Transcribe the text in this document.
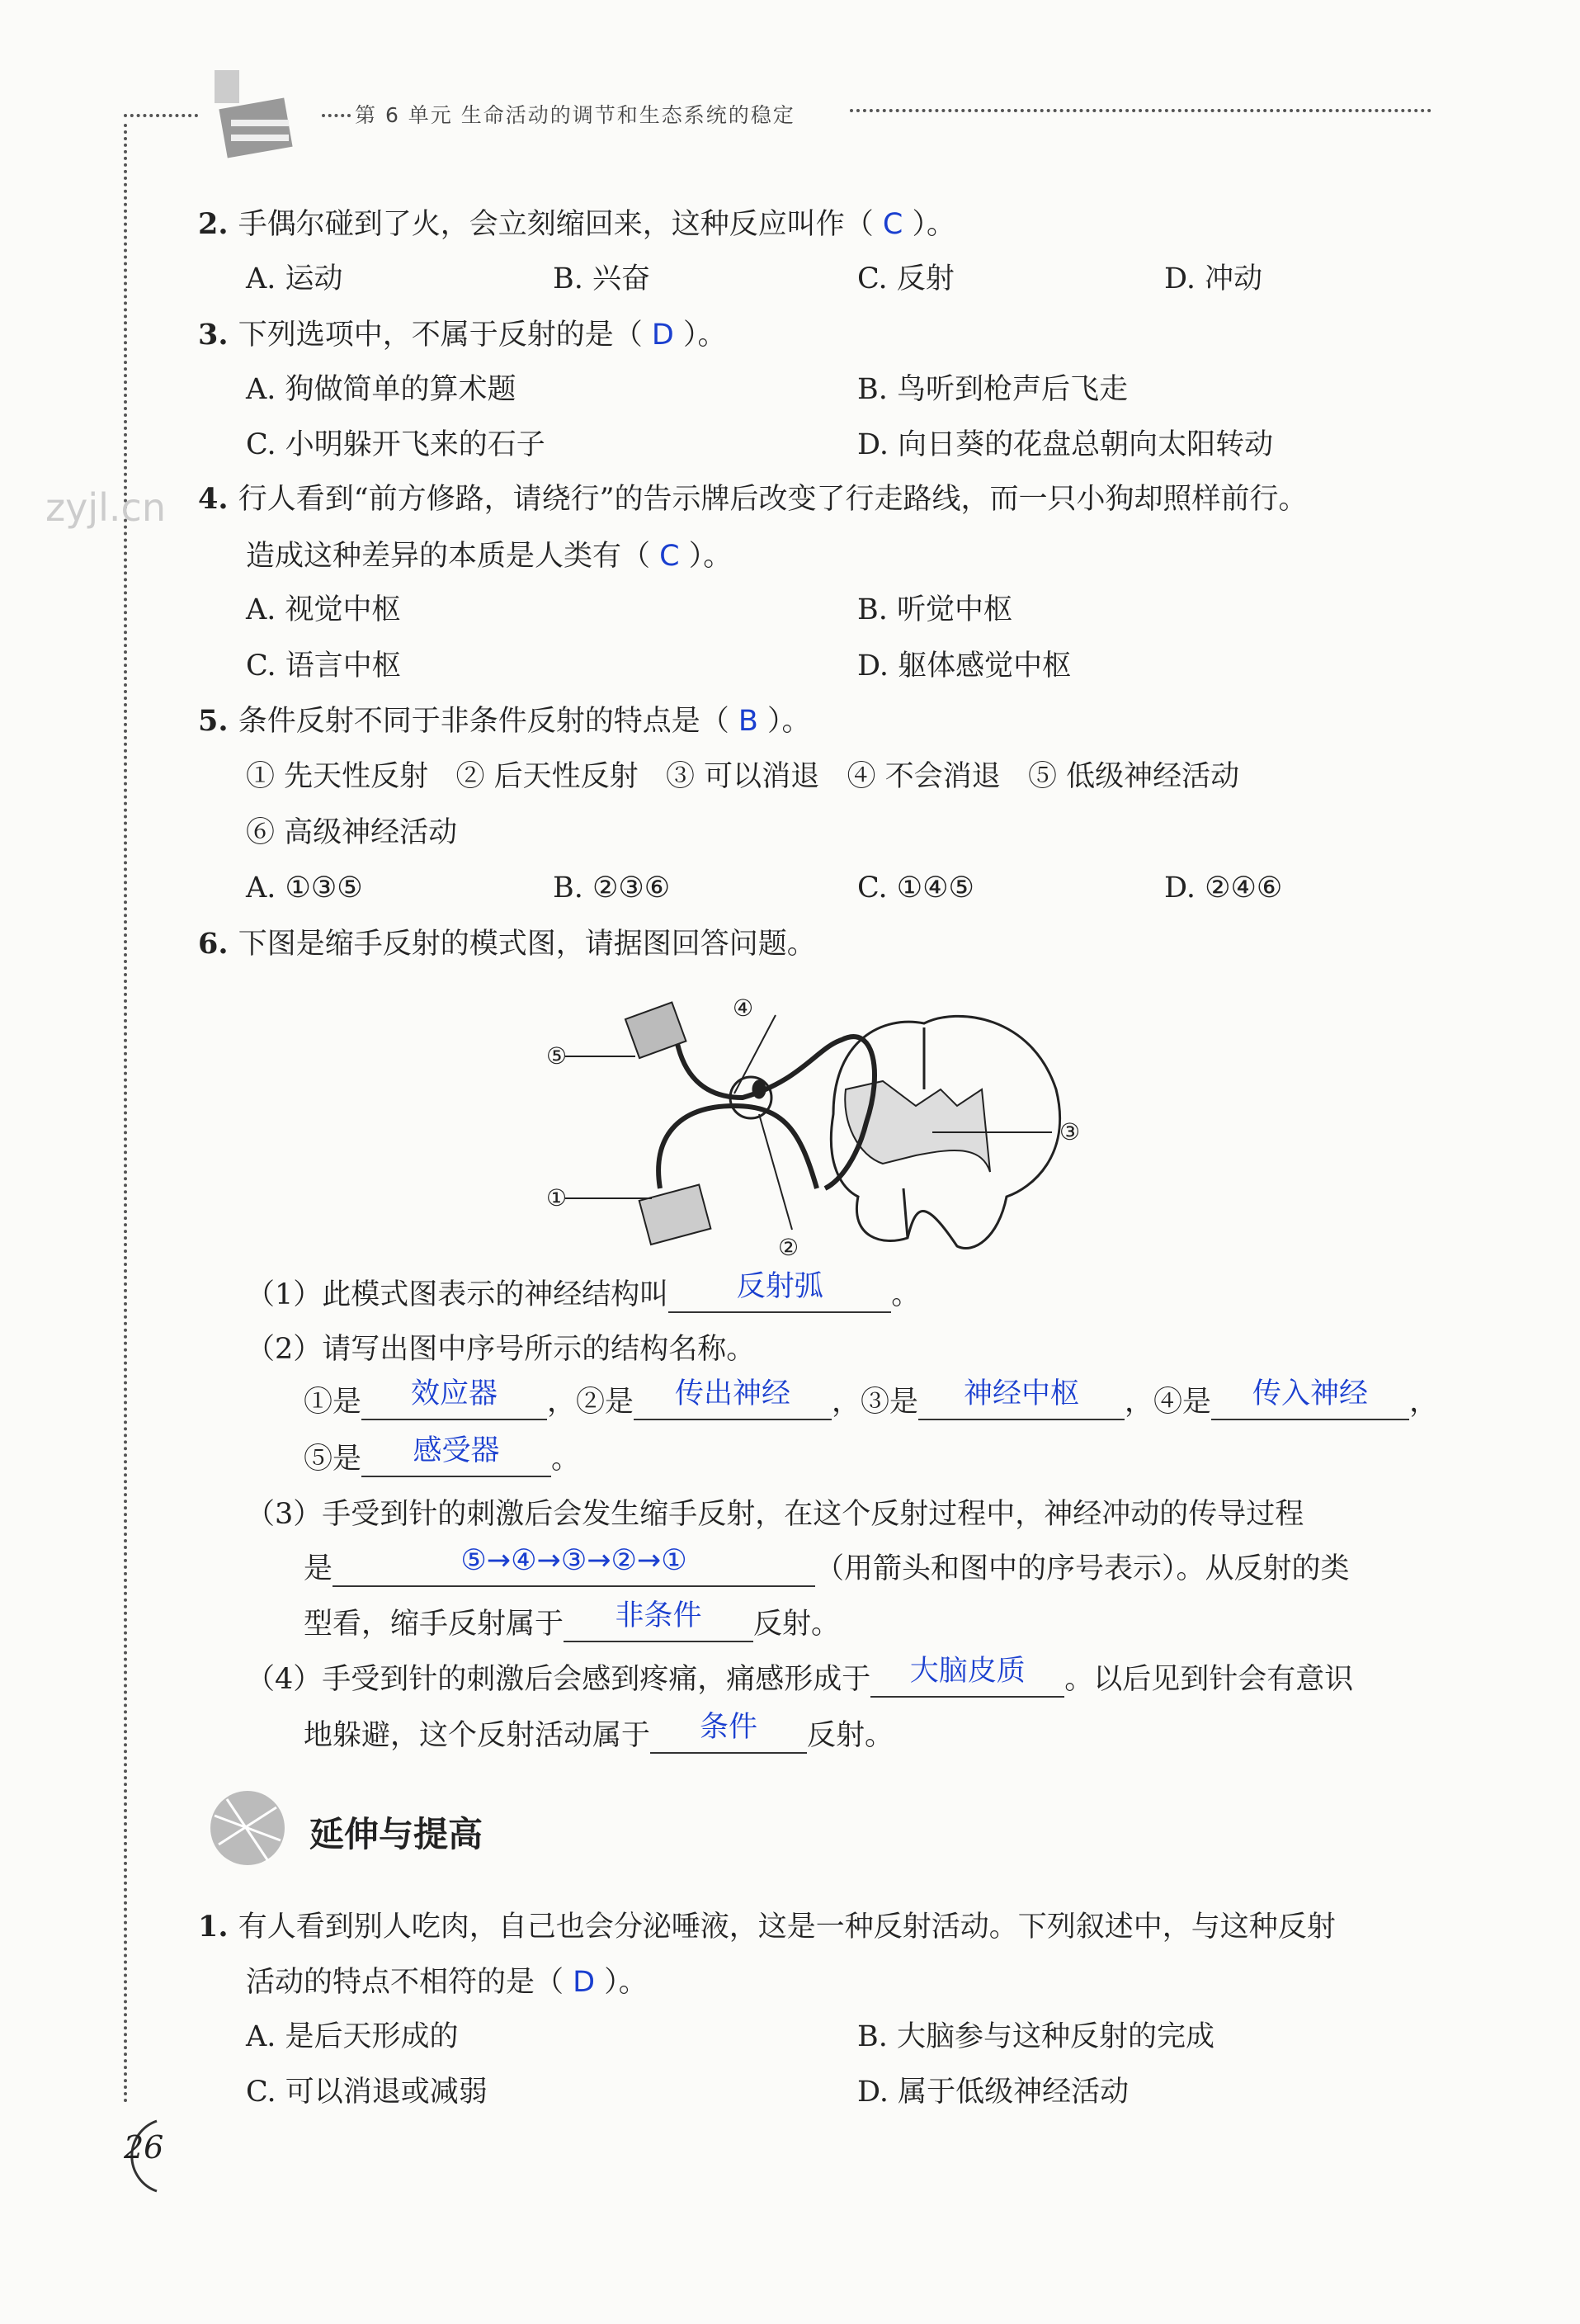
第 6 单元 生命活动的调节和生态系统的稳定
zyjl.cn
2. 手偶尔碰到了火，会立刻缩回来，这种反应叫作（ C ）。
A. 运动	B. 兴奋	C. 反射	D. 冲动
3. 下列选项中，不属于反射的是（ D ）。
A. 狗做简单的算术题	B. 鸟听到枪声后飞走
C. 小明躲开飞来的石子	D. 向日葵的花盘总朝向太阳转动
4. 行人看到“前方修路，请绕行”的告示牌后改变了行走路线，而一只小狗却照样前行。
造成这种差异的本质是人类有（ C ）。
A. 视觉中枢	B. 听觉中枢
C. 语言中枢	D. 躯体感觉中枢
5. 条件反射不同于非条件反射的特点是（ B ）。
① 先天性反射   ② 后天性反射   ③ 可以消退   ④ 不会消退   ⑤ 低级神经活动
⑥ 高级神经活动
A. ①③⑤	B. ②③⑥	C. ①④⑤	D. ②④⑥
6. 下图是缩手反射的模式图，请据图回答问题。
⑤
①
②
③
④
（1）此模式图表示的神经结构叫 反射弧 。
（2）请写出图中序号所示的结构名称。
①是 效应器 ，②是 传出神经 ，③是 神经中枢 ，④是 传入神经 ，
⑤是 感受器 。
（3）手受到针的刺激后会发生缩手反射，在这个反射过程中，神经冲动的传导过程
是	⑤→④→③→②→①	（用箭头和图中的序号表示）。从反射的类
型看，缩手反射属于 非条件 反射。
（4）手受到针的刺激后会感到疼痛，痛感形成于 大脑皮质 。以后见到针会有意识
地躲避，这个反射活动属于 条件 反射。
延伸与提高
1. 有人看到别人吃肉，自己也会分泌唾液，这是一种反射活动。下列叙述中，与这种反射
活动的特点不相符的是（ D ）。
A. 是后天形成的	B. 大脑参与这种反射的完成
C. 可以消退或减弱	D. 属于低级神经活动
26
